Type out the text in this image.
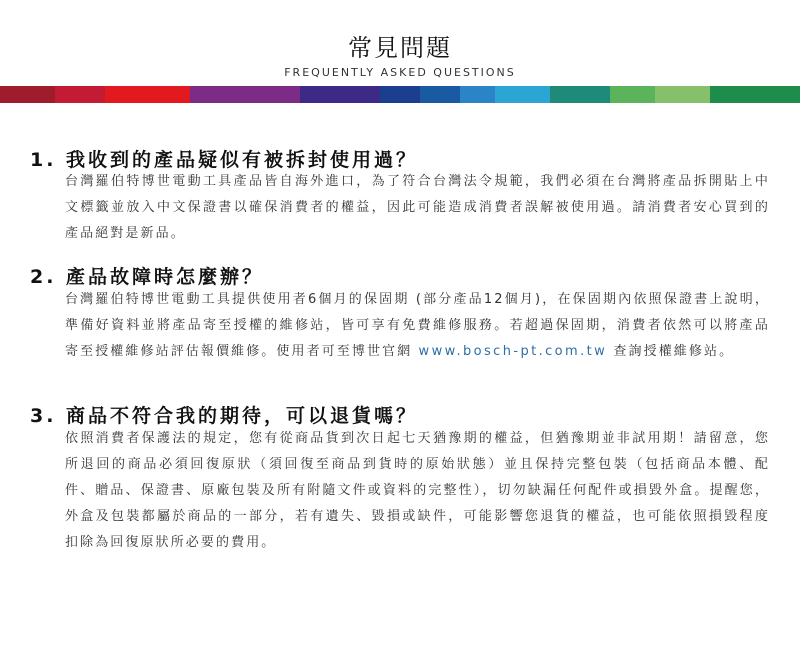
常見問題
FREQUENTLY ASKED QUESTIONS
1. 我收到的產品疑似有被拆封使用過？
台灣羅伯特博世電動工具產品皆自海外進口，為了符合台灣法令規範，我們必須在台灣將產品拆開貼上中文標籤並放入中文保證書以確保消費者的權益，因此可能造成消費者誤解被使用過。請消費者安心買到的產品絕對是新品。
2. 產品故障時怎麼辦？
台灣羅伯特博世電動工具提供使用者6個月的保固期 (部分產品12個月)，在保固期內依照保證書上說明，準備好資料並將產品寄至授權的維修站，皆可享有免費維修服務。若超過保固期，消費者依然可以將產品寄至授權維修站評估報價維修。使用者可至博世官網 www.bosch-pt.com.tw 查詢授權維修站。
3. 商品不符合我的期待，可以退貨嗎？
依照消費者保護法的規定，您有從商品貨到次日起七天猶豫期的權益，但猶豫期並非試用期！請留意，您所退回的商品必須回復原狀（須回復至商品到貨時的原始狀態）並且保持完整包裝（包括商品本體、配件、贈品、保證書、原廠包裝及所有附隨文件或資料的完整性），切勿缺漏任何配件或損毀外盒。提醒您，外盒及包裝都屬於商品的一部分，若有遺失、毀損或缺件，可能影響您退貨的權益，也可能依照損毀程度扣除為回復原狀所必要的費用。
